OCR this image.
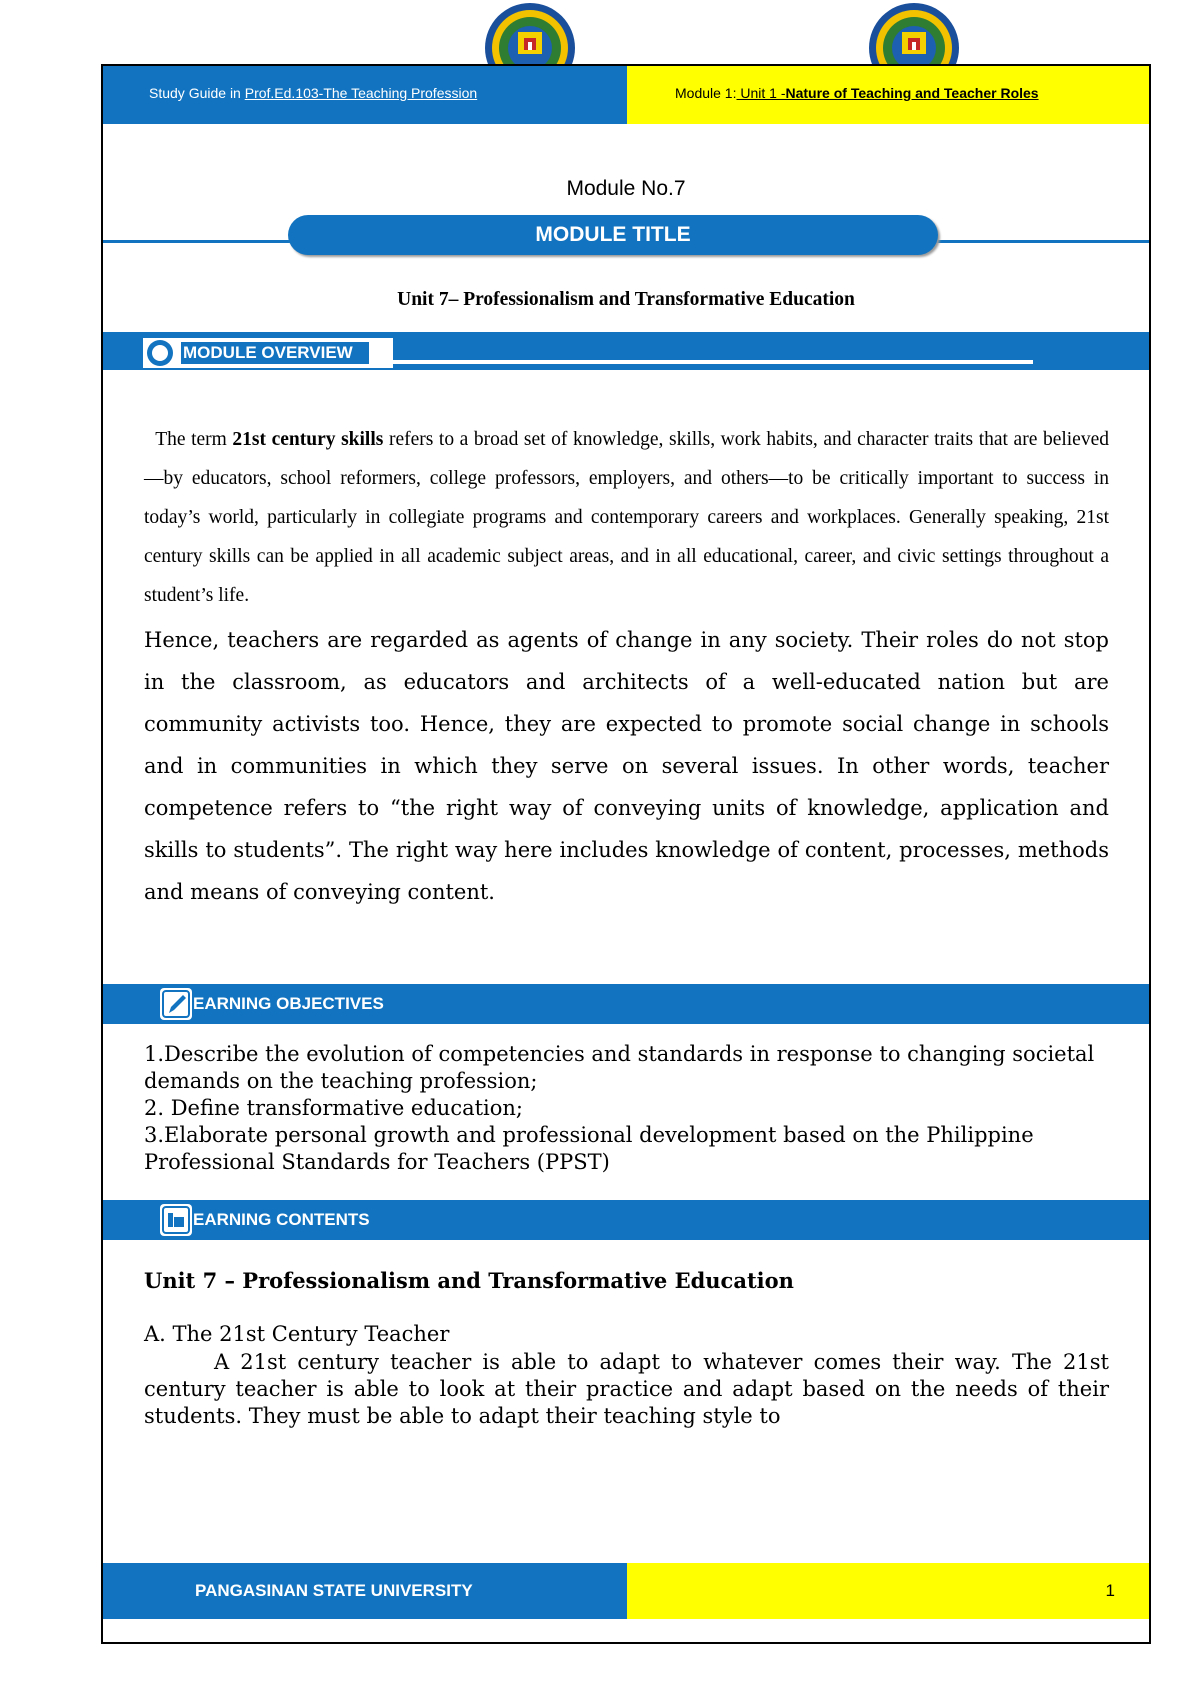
Study Guide in Prof.Ed.103-The Teaching Profession	Module 1: Unit 1 -Nature of Teaching and Teacher Roles
Module No.7
MODULE TITLE
Unit 7– Professionalism and Transformative Education
MODULE OVERVIEW
The term 21st century skills refers to a broad set of knowledge, skills, work habits, and character traits that are believed—by educators, school reformers, college professors, employers, and others—to be critically important to success in today’s world, particularly in collegiate programs and contemporary careers and workplaces. Generally speaking, 21st century skills can be applied in all academic subject areas, and in all educational, career, and civic settings throughout a student’s life.
Hence, teachers are regarded as agents of change in any society. Their roles do not stop in the classroom, as educators and architects of a well-educated nation but are community activists too. Hence, they are expected to promote social change in schools and in communities in which they serve on several issues. In other words, teacher competence refers to “the right way of conveying units of knowledge, application and skills to students”. The right way here includes knowledge of content, processes, methods and means of conveying content.
EARNING OBJECTIVES

1.Describe the evolution of competencies and standards in response to changing societal demands on the teaching profession;

2. Define transformative education;

3.Elaborate personal growth and professional development based on the Philippine Professional Standards for Teachers (PPST)

EARNING CONTENTS
Unit 7 – Professionalism and Transformative Education
A. The 21st Century Teacher
A 21st century teacher is able to adapt to whatever comes their way. The 21st century teacher is able to look at their practice and adapt based on the needs of their students. They must be able to adapt their teaching style to
PANGASINAN STATE UNIVERSITY	1
